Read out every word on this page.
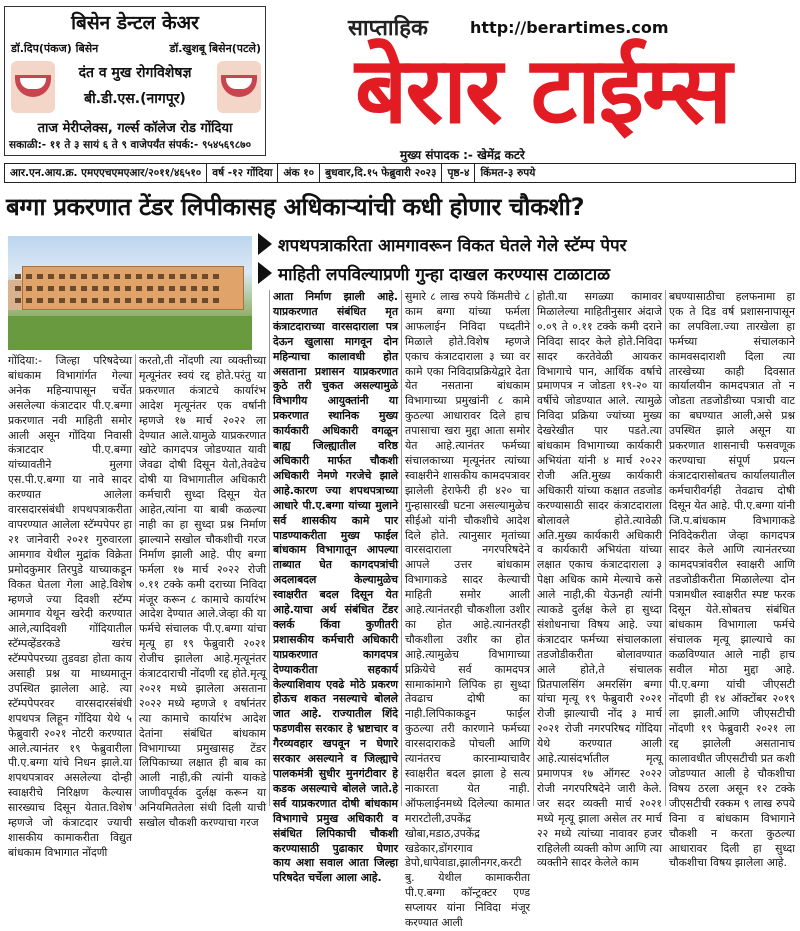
बिसेन डेन्टल केअर
डॉ.दिप(पंकज) बिसेन	डॉ.खुशबू बिसेन(पटले)
दंत व मुख रोगविशेषज्ञ
बी.डी.एस.(नागपूर)
ताज मेरीप्लेक्स, गर्ल्स कॉलेज रोड गोंदिया
सकाळी:- ११ ते ३ सायं ६ ते ९ वाजेपर्यंत संपर्क:- ९५४५६९८७०
साप्ताहिक	http://berartimes.com
बेरार टाईम्स
मुख्य संपादक :- खेमेंद्र कटरे
आर.एन.आय.क्र. एमएएचएमएआर/२०११/४६५१०	वर्ष -१२ गोंदिया	अंक १०	बुधवार,दि.१५ फेब्रुवारी २०२३	पृष्ठ-४	किंमत-३ रुपये
बग्गा प्रकरणात टेंडर लिपीकासह अधिकाऱ्यांची कधी होणार चौकशी?
शपथपत्राकरिता आमगावरून विकत घेतले गेले स्टॅम्प पेपर
माहिती लपविल्याप्रणी गुन्हा दाखल करण्यास टाळाटाळ

गोंदिया:- जिल्हा परिषदेच्या बांधकाम विभागांर्गत गेल्या अनेक महिन्यापासून चर्चेत असलेल्या कंत्राटदार पी.ए.बग्गा प्रकरणात नवी माहिती समोर आली असून गोंदिया निवासी कंत्राटदार पी.ए.बग्गा यांच्यावतीने मुलगा एस.पी.ए.बग्गा या नावे सादर करण्यात आलेला वारसदारसंबंधी शपथपत्राकरीता वापरण्यात आलेला स्टॅम्पपेपर हा २१ जानेवारी २०२१ गुरुवारला आमगाव येथील मुद्रांक विक्रेता प्रमोदकुमार तिरपुडे याच्याकडून विकत घेतला गेला आहे.विशेष म्हणजे ज्या दिवशी स्टॅम्प आमगाव येथून खरेदी करण्यात आले,त्यादिवशी गोंदियातील स्टॅम्पव्हेंडरकडे खरंच स्टॅम्पपेपरच्या तुडवडा होता काय असाही प्रश्न या माध्यमातून उपस्थित झालेला आहे. त्या स्टॅम्पपेपरवर वारसदारसंबंधी शपथपत्र लिहून गोंदिया येथे ५ फेब्रुवारी २०२१ नोटरी करण्यात आले.त्यानंतर १९ फेब्रुवारीला पी.ए.बग्गा यांचे निधन झाले.या शपथपत्रावर असलेल्या दोन्ही स्वाक्षरीचे निरिक्षण केल्यास सारख्याच दिसून येतात.विशेष म्हणजे जो कंत्राटदार ज्याची शासकीय कामाकरीता विद्युत बांधकाम विभागात नोंदणी

करतो,ती नोंदणी त्या व्यक्तीच्या मृत्यूनंतर स्वयं रद्द होते.परंतु या प्रकरणात कंत्राटचे कार्यारंभ आदेश मृत्यूनंतर एक वर्षानी म्हणजे १७ मार्च २०२२ ला देण्यात आले.यामुळे याप्रकरणात खोटे कागदपत्र जोडण्यात यावी जेवढा दोषी दिसून येतो,तेवढेच दोषी या विभागातील अधिकारी कर्मचारी सुध्दा दिसून येत आहेत,त्यांना या बाबी कळल्या नाही का हा सुध्दा प्रश्न निर्माण झाल्याने सखोल चौकशीची गरज निर्माण झाली आहे. पीए बग्गा फर्मला १७ मार्च २०२२ रोजी ०.११ टक्के कमी दराच्या निविदा मंजूर करून ८ कामाचे कार्यारंभ आदेश देण्यात आले.जेव्हा की या फर्मचे संचालक पी.ए.बग्गा यांचा मृत्यू हा १९ फेब्रुवारी २०२१ रोजीच झालेला आहे.मृत्यूनंतर कंत्राटदाराची नोंदणी रद्द होते.मृत्यू २०२१ मध्ये झालेला असताना २०२२ मध्ये म्हणजे १ वर्षानंतर त्या कामाचे कार्यारंभ आदेश देतांना संबंधित बांधकाम विभागाच्या प्रमुखासह टेंडर लिपिकाच्या लक्षात ही बाब का आली नाही,की त्यांनी याकडे जाणीवपूर्वक दुर्लक्ष करून या अनियमिततेला संधी दिली याची सखोल चौकशी करण्याचा गरज

आता निर्माण झाली आहे. याप्रकरणात संबंधित मृत कंत्राटदाराच्या वारसदाराला पत्र देऊन खुलासा मागवून दोन महिन्याचा कालावधी होत असताना प्रशासन याप्रकरणात कुठे तरी चुकत असल्यामुळे विभागीय आयुक्तांनी या प्रकरणात स्थानिक मुख्य कार्यकारी अधिकारी वगळून बाह्य जिल्ह्यातील वरिष्ठ अधिकारी मार्फत चौकशी अधिकारी नेमणे गरजेचे झाले आहे.कारण ज्या शपथपत्राच्या आधारे पी.ए.बग्गा यांच्या मुलाने सर्व शासकीय कामे पार पाडण्याकरीता मुख्य फाईल बांधकाम विभागातून आपल्या ताब्यात घेत कागदपत्रांची अदलाबदल केल्यामुळेच स्वाक्षरीत बदल दिसून येत आहे.याचा अर्थ संबंधित टेंडर क्लर्क किंवा कुणीतरी प्रशासकीय कर्मचारी अधिकारी याप्रकरणात कागदपत्र देण्याकरीता सहकार्य केल्याशिवाय एवढे मोठे प्रकरण होऊच शकत नसल्याचे बोलले जात आहे. राज्यातील शिंदे फडणवीस सरकार हे भ्रष्टाचार व गैरव्यवहार खपवून न घेणारे सरकार असल्याने व जिल्ह्याचे पालकमंत्री सुधीर मुनगंटीवार हे कडक असल्याचे बोलले जाते.हे सर्व याप्रकरणात दोषी बांधकाम विभागाचे प्रमुख अधिकारी व संबंधित लिपिकाची चौकशी करण्यासाठी पुढाकार घेणार काय अशा सवाल आता जिल्हा परिषदेत चर्चेला आला आहे.

सुमारे ८ लाख रुपये किंमतीचे ८ काम बग्गा यांच्या फर्मला आफलाईन निविदा पध्दतीने मिळाले होते.विशेष म्हणजे एकाच कंत्राटदाराला ३ च्या वर कामे एका निविदाप्रक्रियेद्वारे देता येत नसताना बांधकाम विभागाच्या प्रमुखांनी ८ कामे कुठल्या आधारावर दिले हाच तपासाचा खरा मुद्दा आता समोर येत आहे.त्यानंतर फर्मच्या संचालकाच्या मृत्यूनंतर त्यांच्या स्वाक्षरीने शासकीय कामदपत्रावर झालेली हेराफेरी ही ४२० चा गुन्हासारखी घटना असल्यामुळेच सीईओ यांनी चौकशीचे आदेश दिले होते. त्यानुसार मृतांच्या वारसदाराला नगरपरिषदेने आपले उत्तर बांधकाम विभागाकडे सादर केल्याची माहिती समोर आली आहे.त्यानंतरही चौकशीला उशीर का होत आहे.त्यानंतरही चौकशीला उशीर का होत आहे.त्यामुळेच विभागाच्या प्रक्रियेचे सर्व कामदपत्र सामाकांमागे लिपिक हा सुध्दा तेवढाच दोषी का नाही.लिपिकाकडून फाईल कुठल्या तरी कारणाने फर्मच्या वारसदाराकडे पोचली आणि त्यानंतरच कारनाम्याचावैर स्वाक्षरीत बदल झाला हे सत्य नाकारता येत नाही. ऑफलाईनमध्ये दिलेल्या कामात मरारटोली,उपकेंद्र खोबा,मडाठ,उपकेंद्र खडेकार,डोंगरगाव डेपो,धापेवाडा,झालीनगर,करटी बु. येथील कामाकरीता पी.ए.बग्गा कॉन्ट्रक्टर एण्ड सप्लायर यांना निविदा मंजूर करण्यात आली

होती.या सगळ्या कामावर मिळालेल्या माहितीनुसार अंदाजे ०.०९ ते ०.११ टक्के कमी दराने निविदा सादर केले होते.निविदा सादर करतेवेळी आयकर विभागाचे पान, आर्थिक वर्षाचे प्रमाणपत्र न जोडता १९-२० या वर्षीचे जोडण्यात आले. त्यामुळे निविदा प्रक्रिया ज्यांच्या मुख्य देखरेखीत पार पडते.त्या बांधकाम विभागाच्या कार्यकारी अभियंता यांनी ४ मार्च २०२२ रोजी अति.मुख्य कार्यकारी अधिकारी यांच्या कक्षात तडजोड करण्यासाठी सादर कंत्राटदाराला बोलावले होते.त्यावेळी अति.मुख्य कार्यकारी अधिकारी व कार्यकारी अभियंता यांच्या लक्षात एकाच कंत्राटदाराला ३ पेक्षा अधिक कामे मेल्याचे कसे आले नाही,की येऊनही त्यांनी त्याकडे दुर्लक्ष केले हा सुध्दा संशोधनाचा विषय आहे. ज्या कंत्राटदार फर्मच्या संचालकाला तडजोडीकरीता बोलावण्यात आले होते,ते संचालक प्रितपालसिंग अमरसिंग बग्गा यांचा मृत्यू १९ फेब्रुवारी २०२१ रोजी झाल्याची नोंद ३ मार्च २०२१ रोजी नगरपरिषद गोंदिया येथे करण्यात आली आहे.त्यासंदर्भातील मृत्यू प्रमाणपत्र १७ ऑगस्ट २०२२ रोजी नगरपरिषदेने जारी केले. जर सदर व्यक्ती मार्च २०२१ मध्ये मृत्यू झाला असेल तर मार्च २२ मध्ये त्यांच्या नावावर हजर राहिलेली व्यक्ती कोण आणि त्या व्यक्तीने सादर केलेले काम

बघण्यासाठीचा हलफनामा हा एक ते दिड वर्ष प्रशासनापासून का लपविला.ज्या तारखेला हा फर्मच्या संचालकाने कामवसदाराशी दिला त्या तारखेच्या काही दिवसात कार्यालयीन कामदपत्रात तो न जोडता तडजोडीच्या पत्राची वाट का बघण्यात आली,असे प्रश्न उपस्थित झाले असून या प्रकरणात शासनाची फसवणूक करण्याचा संपूर्ण प्रयत्न कंत्राटदारासोबतच कार्यालयातील कर्मचारीवर्गही तेवढाच दोषी दिसून येत आहे. पी.ए.बग्गा यांनी जि.प.बांधकाम विभागाकडे निविदेकरीता जेव्हा कागदपत्र सादर केले आणि त्यानंतरच्या कामदपत्रांवरील स्वाक्षरी आणि तडजोडीकरीता मिळालेल्या दोन पत्रामधील स्वाक्षरीत स्पष्ट फरक दिसून येते.सोबतच संबंधित बांधकाम विभागाला फर्मचे संचालक मृत्यू झाल्याचे का कळविण्यात आले नाही हाच सवील मोठा मुद्दा आहे. पी.ए.बग्गा यांची जीएसटी नोंदणी ही १४ ऑक्टोंबर २०१९ ला झाली.आणि जीएसटीची नोंदणी १९ फेब्रुवारी २०२१ ला रद्द झालेली असतानाच कालावधीत जीएसटीची प्रत कशी जोडण्यात आली हे चौकशीचा विषय ठरला असून १२ टक्के जीएसटीची रक्कम ९ लाख रुपये विना व बांधकाम विभागाने चौकशी न करता कुठल्या आधारावर दिली हा सुध्दा चौकशीचा विषय झालेला आहे.
